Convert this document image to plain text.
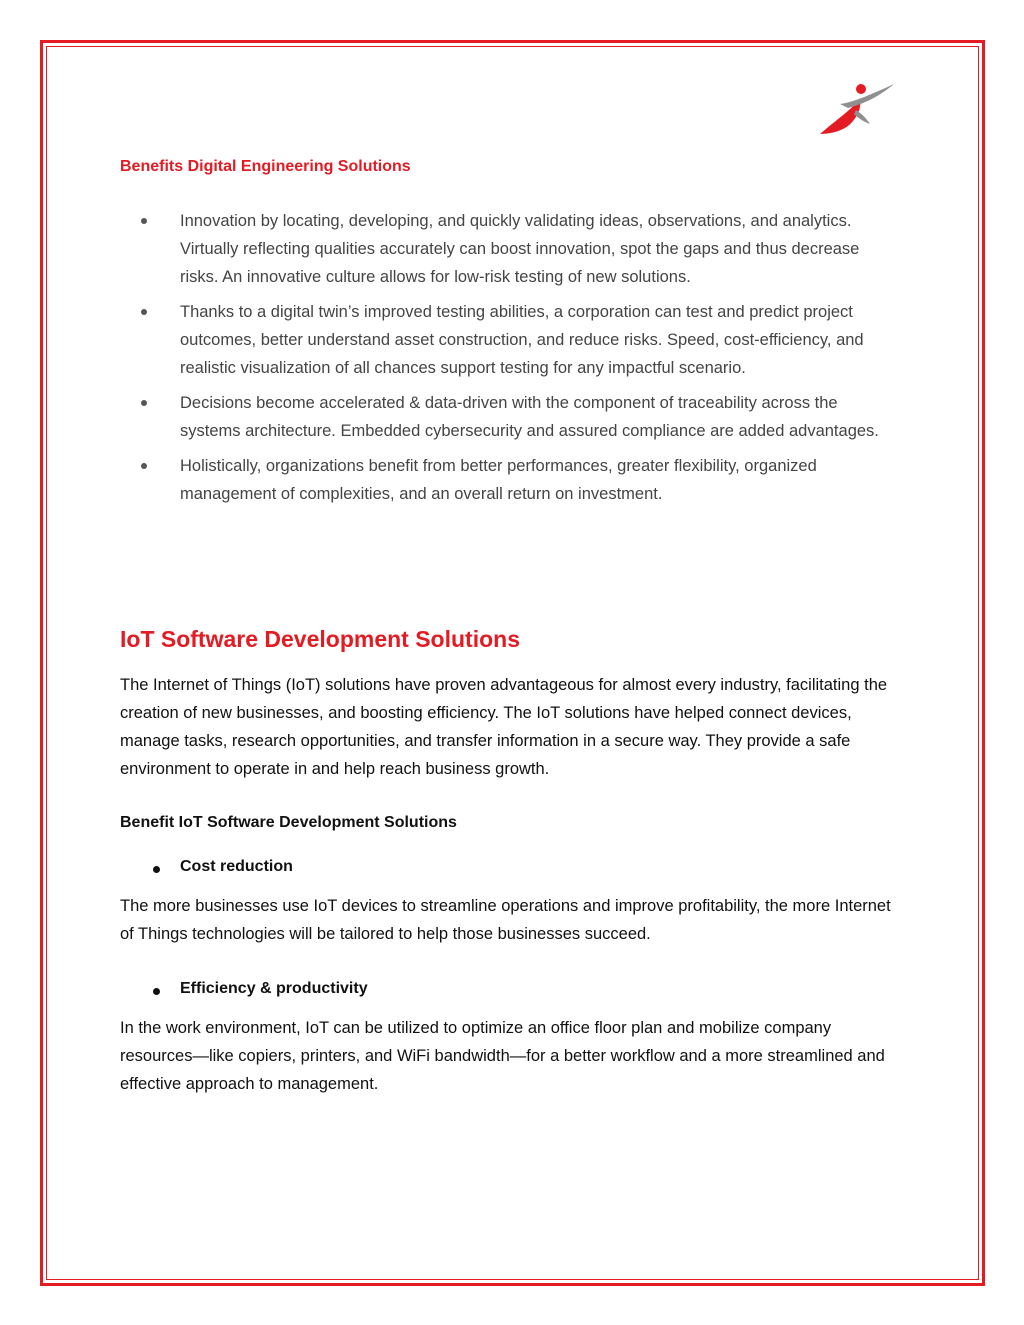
Benefits Digital Engineering Solutions

Innovation by locating, developing, and quickly validating ideas, observations, and analytics. Virtually reflecting qualities accurately can boost innovation, spot the gaps and thus decrease risks. An innovative culture allows for low-risk testing of new solutions.
Thanks to a digital twin’s improved testing abilities, a corporation can test and predict project outcomes, better understand asset construction, and reduce risks. Speed, cost-efficiency, and realistic visualization of all chances support testing for any impactful scenario.
Decisions become accelerated & data-driven with the component of traceability across the systems architecture. Embedded cybersecurity and assured compliance are added advantages.
Holistically, organizations benefit from better performances, greater flexibility, organized management of complexities, and an overall return on investment.
IoT Software Development Solutions

The Internet of Things (IoT) solutions have proven advantageous for almost every industry, facilitating the creation of new businesses, and boosting efficiency. The IoT solutions have helped connect devices, manage tasks, research opportunities, and transfer information in a secure way. They provide a safe environment to operate in and help reach business growth.

Benefit IoT Software Development Solutions

Cost reduction

The more businesses use IoT devices to streamline operations and improve profitability, the more Internet of Things technologies will be tailored to help those businesses succeed.

Efficiency & productivity

In the work environment, IoT can be utilized to optimize an office floor plan and mobilize company resources—like copiers, printers, and WiFi bandwidth—for a better workflow and a more streamlined and effective approach to management.
